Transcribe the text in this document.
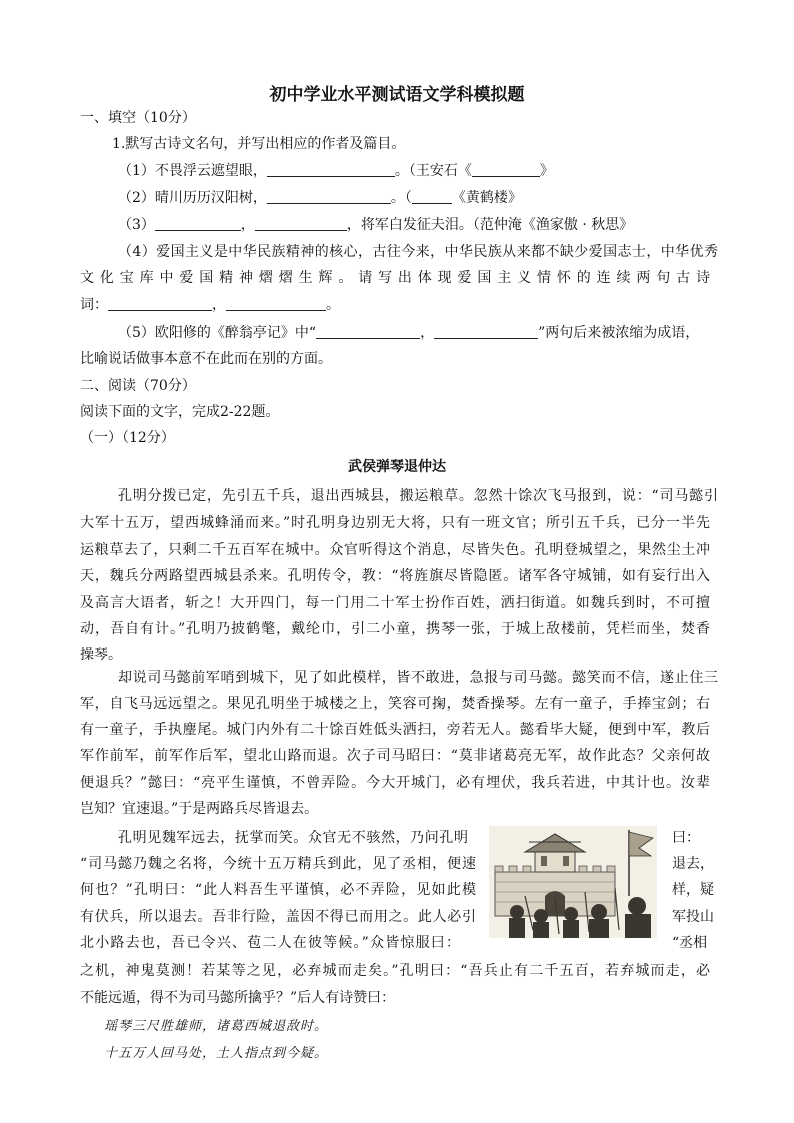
初中学业水平测试语文学科模拟题
一、填空（10分）
1.默写古诗文名句，并写出相应的作者及篇目。
（1）不畏浮云遮望眼，	。（王安石《	》
（2）晴川历历汉阳树，	。（	《黄鹤楼》
（3）	，	，将军白发征夫泪。（范仲淹《渔家傲 · 秋思》
（4）爱国主义是中华民族精神的核心，古往今来，中华民族从来都不缺少爱国志士，中华优秀
文化宝库中爱国精神熠熠生辉。请写出体现爱国主义情怀的连续两句古诗
词：	，	。
（5）欧阳修的《醉翁亭记》中“	，	”两句后来被浓缩为成语，
比喻说话做事本意不在此而在别的方面。
二、阅读（70分）
阅读下面的文字，完成2-22题。
（一）（12分）
武侯弹琴退仲达
孔明分拨已定，先引五千兵，退出西城县，搬运粮草。忽然十馀次飞马报到，说：“司马懿引
大军十五万，望西城蜂涌而来。”时孔明身边别无大将，只有一班文官；所引五千兵，已分一半先
运粮草去了，只剩二千五百军在城中。众官听得这个消息，尽皆失色。孔明登城望之，果然尘土冲
天，魏兵分两路望西城县杀来。孔明传令，教：“将旌旗尽皆隐匿。诸军各守城铺，如有妄行出入
及高言大语者，斩之！大开四门，每一门用二十军士扮作百姓，洒扫街道。如魏兵到时，不可擅
动，吾自有计。”孔明乃披鹤氅，戴纶巾，引二小童，携琴一张，于城上敌楼前，凭栏而坐，焚香
操琴。
却说司马懿前军哨到城下，见了如此模样，皆不敢进，急报与司马懿。懿笑而不信，遂止住三
军，自飞马远远望之。果见孔明坐于城楼之上，笑容可掬，焚香操琴。左有一童子，手捧宝剑；右
有一童子，手执麈尾。城门内外有二十馀百姓低头洒扫，旁若无人。懿看毕大疑，便到中军，教后
军作前军，前军作后军，望北山路而退。次子司马昭曰：“莫非诸葛亮无军，故作此态？父亲何故
便退兵？”懿曰：“亮平生谨慎，不曾弄险。今大开城门，必有埋伏，我兵若进，中其计也。汝辈
岂知？宜速退。”于是两路兵尽皆退去。
孔明见魏军远去，抚掌而笑。众官无不骇然，乃问孔明	曰：
“司马懿乃魏之名将，今统十五万精兵到此，见了丞相，便速	退去，
何也？”孔明曰：“此人料吾生平谨慎，必不弄险，见如此模	样，疑
有伏兵，所以退去。吾非行险，盖因不得已而用之。此人必引	军投山
北小路去也，吾已令兴、苞二人在彼等候。”众皆惊服曰：	“丞相
之机，神鬼莫测！若某等之见，必弃城而走矣。”孔明曰：“吾兵止有二千五百，若弃城而走，必
不能远遁，得不为司马懿所擒乎？”后人有诗赞曰：
瑶琴三尺胜雄师，诸葛西城退敌时。
十五万人回马处，土人指点到今疑。
